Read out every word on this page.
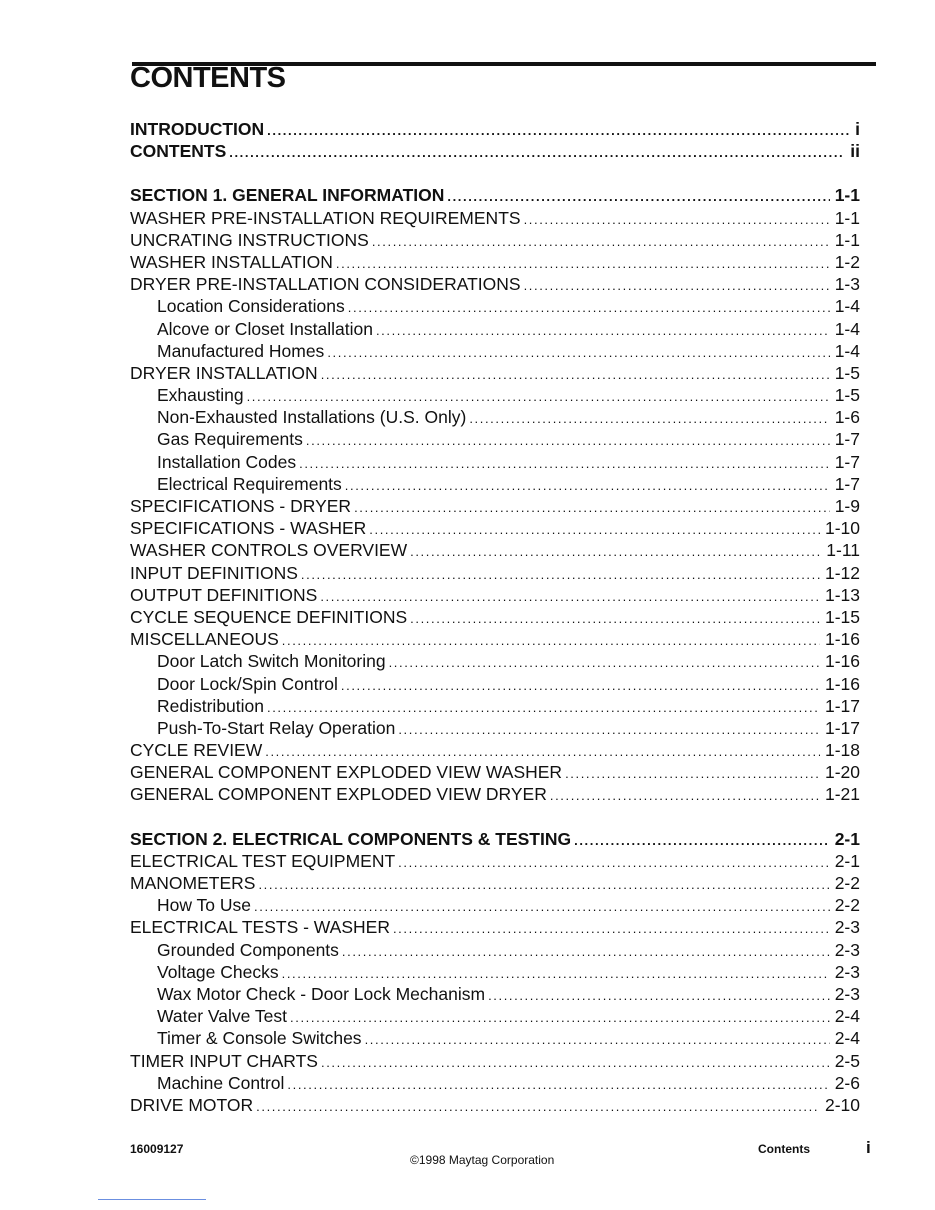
CONTENTS
INTRODUCTION .....	i
CONTENTS .....	ii
SECTION 1. GENERAL INFORMATION .....	1-1
WASHER PRE-INSTALLATION REQUIREMENTS .....	1-1
UNCRATING INSTRUCTIONS .....	1-1
WASHER INSTALLATION .....	1-2
DRYER PRE-INSTALLATION CONSIDERATIONS .....	1-3
Location Considerations .....	1-4
Alcove or Closet Installation .....	1-4
Manufactured Homes .....	1-4
DRYER INSTALLATION .....	1-5
Exhausting .....	1-5
Non-Exhausted Installations (U.S. Only) .....	1-6
Gas Requirements .....	1-7
Installation Codes .....	1-7
Electrical Requirements .....	1-7
SPECIFICATIONS - DRYER .....	1-9
SPECIFICATIONS - WASHER .....	1-10
WASHER CONTROLS OVERVIEW .....	1-11
INPUT DEFINITIONS .....	1-12
OUTPUT DEFINITIONS .....	1-13
CYCLE SEQUENCE DEFINITIONS .....	1-15
MISCELLANEOUS .....	1-16
Door Latch Switch Monitoring .....	1-16
Door Lock/Spin Control .....	1-16
Redistribution .....	1-17
Push-To-Start Relay Operation .....	1-17
CYCLE REVIEW .....	1-18
GENERAL COMPONENT EXPLODED VIEW WASHER .....	1-20
GENERAL COMPONENT EXPLODED VIEW DRYER .....	1-21
SECTION 2. ELECTRICAL COMPONENTS & TESTING .....	2-1
ELECTRICAL TEST EQUIPMENT .....	2-1
MANOMETERS .....	2-2
How To Use .....	2-2
ELECTRICAL TESTS - WASHER .....	2-3
Grounded Components .....	2-3
Voltage Checks .....	2-3
Wax Motor Check - Door Lock Mechanism .....	2-3
Water Valve Test .....	2-4
Timer & Console Switches .....	2-4
TIMER INPUT CHARTS .....	2-5
Machine Control .....	2-6
DRIVE MOTOR .....	2-10
16009127
©1998 Maytag Corporation
Contents	i
